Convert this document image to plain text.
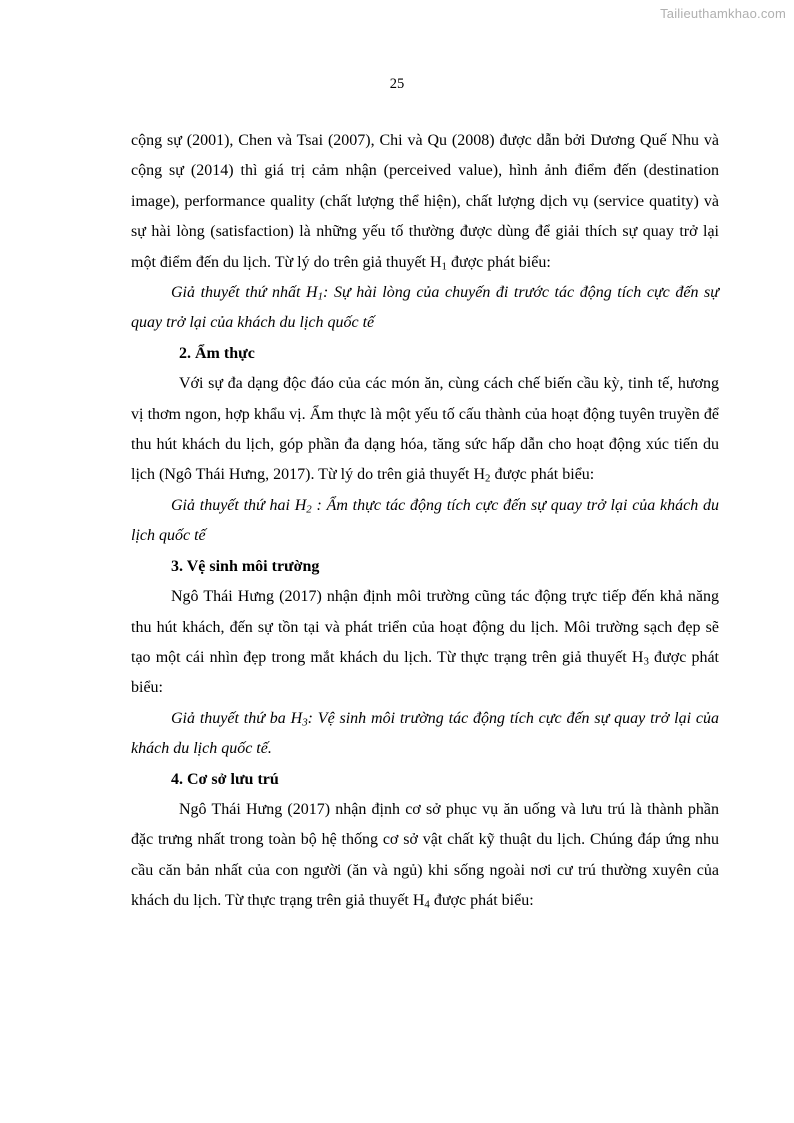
Tailieuthamkhao.com
25

cộng sự (2001), Chen và Tsai (2007), Chi và Qu (2008) được dẫn bởi Dương Quế Nhu và cộng sự (2014) thì giá trị cảm nhận (perceived value), hình ảnh điểm đến (destination image), performance quality (chất lượng thể hiện), chất lượng dịch vụ (service quatity) và sự hài lòng (satisfaction) là những yếu tố thường được dùng để giải thích sự quay trở lại một điểm đến du lịch. Từ lý do trên giả thuyết $H_1$ được phát biểu:

Giả thuyết thứ nhất $H_1$: Sự hài lòng của chuyến đi trước tác động tích cực đến sự quay trở lại của khách du lịch quốc tế

2. Ẩm thực

Với sự đa dạng độc đáo của các món ăn, cùng cách chế biến cầu kỳ, tinh tế, hương vị thơm ngon, hợp khẩu vị. Ẩm thực là một yếu tố cấu thành của hoạt động tuyên truyền để thu hút khách du lịch, góp phần đa dạng hóa, tăng sức hấp dẫn cho hoạt động xúc tiến du lịch (Ngô Thái Hưng, 2017). Từ lý do trên giả thuyết $H_2$ được phát biểu:

Giả thuyết thứ hai $H_2$ : Ẩm thực tác động tích cực đến sự quay trở lại của khách du lịch quốc tế

3. Vệ sinh môi trường

Ngô Thái Hưng (2017) nhận định môi trường cũng tác động trực tiếp đến khả năng thu hút khách, đến sự tồn tại và phát triển của hoạt động du lịch. Môi trường sạch đẹp sẽ tạo một cái nhìn đẹp trong mắt khách du lịch. Từ thực trạng trên giả thuyết $H_3$ được phát biểu:

Giả thuyết thứ ba $H_3$: Vệ sinh môi trường tác động tích cực đến sự quay trở lại của khách du lịch quốc tế.

4. Cơ sở lưu trú

Ngô Thái Hưng (2017) nhận định cơ sở phục vụ ăn uống và lưu trú là thành phần đặc trưng nhất trong toàn bộ hệ thống cơ sở vật chất kỹ thuật du lịch. Chúng đáp ứng nhu cầu căn bản nhất của con người (ăn và ngủ) khi sống ngoài nơi cư trú thường xuyên của khách du lịch. Từ thực trạng trên giả thuyết $H_4$ được phát biểu:
